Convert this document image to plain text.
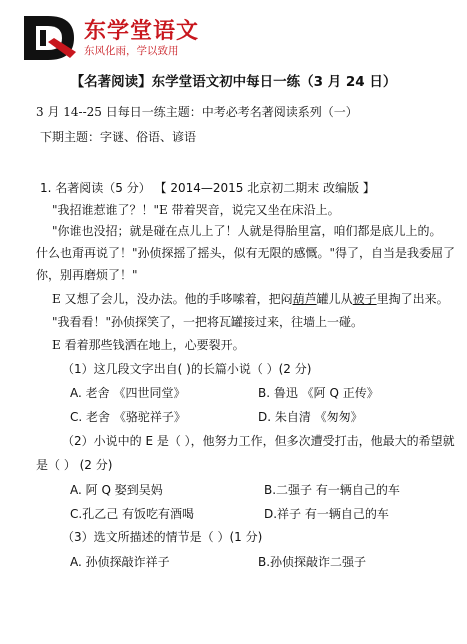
东学堂语文
东风化雨，学以致用
【名著阅读】东学堂语文初中每日一练（3 月 24 日）
3 月 14--25 日每日一练主题：中考必考名著阅读系列（一）
下期主题：字谜、俗语、谚语
1. 名著阅读（5 分） 【 2014—2015 北京初二期末 改编版 】
"我招谁惹谁了？！"E 带着哭音，说完又坐在床沿上。
"你谁也没招；就是碰在点儿上了！人就是得胎里富，咱们都是底儿上的。
什么也甭再说了！"孙侦探摇了摇头，似有无限的感慨。"得了，自当是我委屈了
你，别再磨烦了！"
E 又想了会儿，没办法。他的手哆嗦着，把闷葫芦罐儿从被子里掏了出来。
"我看看！"孙侦探笑了，一把将瓦罐接过来，往墙上一碰。
E 看着那些钱洒在地上，心要裂开。
（1）这几段文字出自( )的长篇小说（ ）(2 分)
A. 老舍 《四世同堂》	B. 鲁迅 《阿 Q 正传》
C. 老舍 《骆驼祥子》	D. 朱自清 《匆匆》
（2）小说中的 E 是（ ），他努力工作，但多次遭受打击，他最大的希望就
是（ ） (2 分)
A. 阿 Q 娶到吴妈	B.二强子 有一辆自己的车
C.孔乙己 有饭吃有酒喝	D.祥子 有一辆自己的车
（3）选文所描述的情节是（ ）(1 分)
A. 孙侦探敲诈祥子	B.孙侦探敲诈二强子
